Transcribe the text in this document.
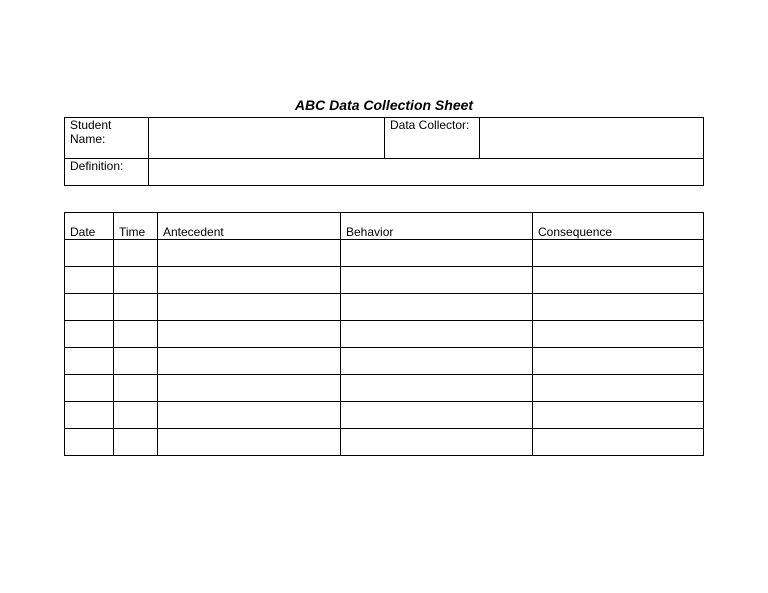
ABC Data Collection Sheet
Student
Name:		Data Collector:	
Definition:			
Date	Time	Antecedent	Behavior	Consequence
